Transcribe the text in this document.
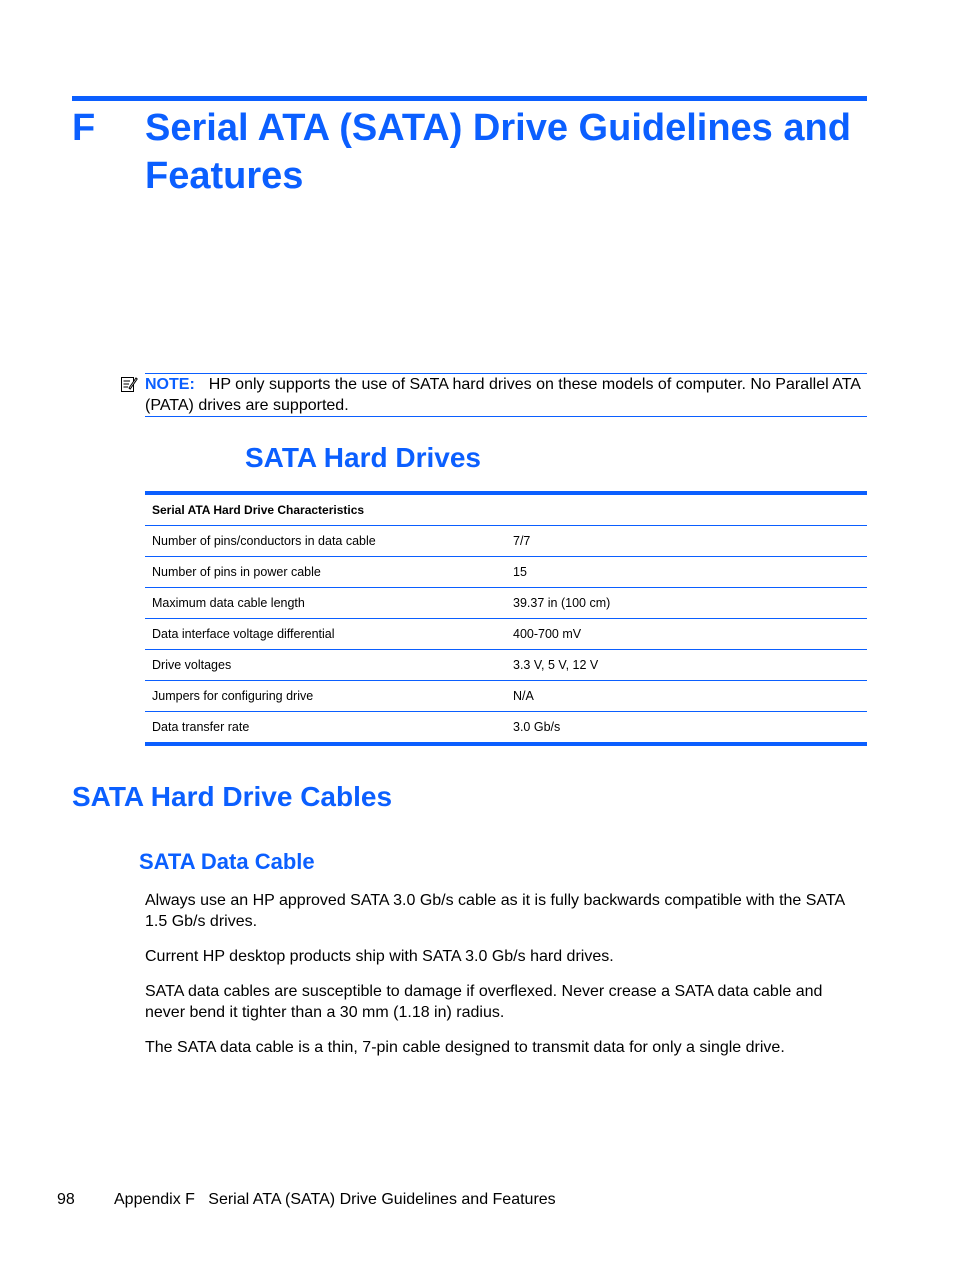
F Serial ATA (SATA) Drive Guidelines and Features
NOTE: HP only supports the use of SATA hard drives on these models of computer. No Parallel ATA (PATA) drives are supported.
SATA Hard Drives
Serial ATA Hard Drive Characteristics
Number of pins/conductors in data cable	7/7
Number of pins in power cable	15
Maximum data cable length	39.37 in (100 cm)
Data interface voltage differential	400-700 mV
Drive voltages	3.3 V, 5 V, 12 V
Jumpers for configuring drive	N/A
Data transfer rate	3.0 Gb/s
SATA Hard Drive Cables
SATA Data Cable
Always use an HP approved SATA 3.0 Gb/s cable as it is fully backwards compatible with the SATA 1.5 Gb/s drives.
Current HP desktop products ship with SATA 3.0 Gb/s hard drives.
SATA data cables are susceptible to damage if overflexed. Never crease a SATA data cable and never bend it tighter than a 30 mm (1.18 in) radius.
The SATA data cable is a thin, 7-pin cable designed to transmit data for only a single drive.
98 Appendix F   Serial ATA (SATA) Drive Guidelines and Features
